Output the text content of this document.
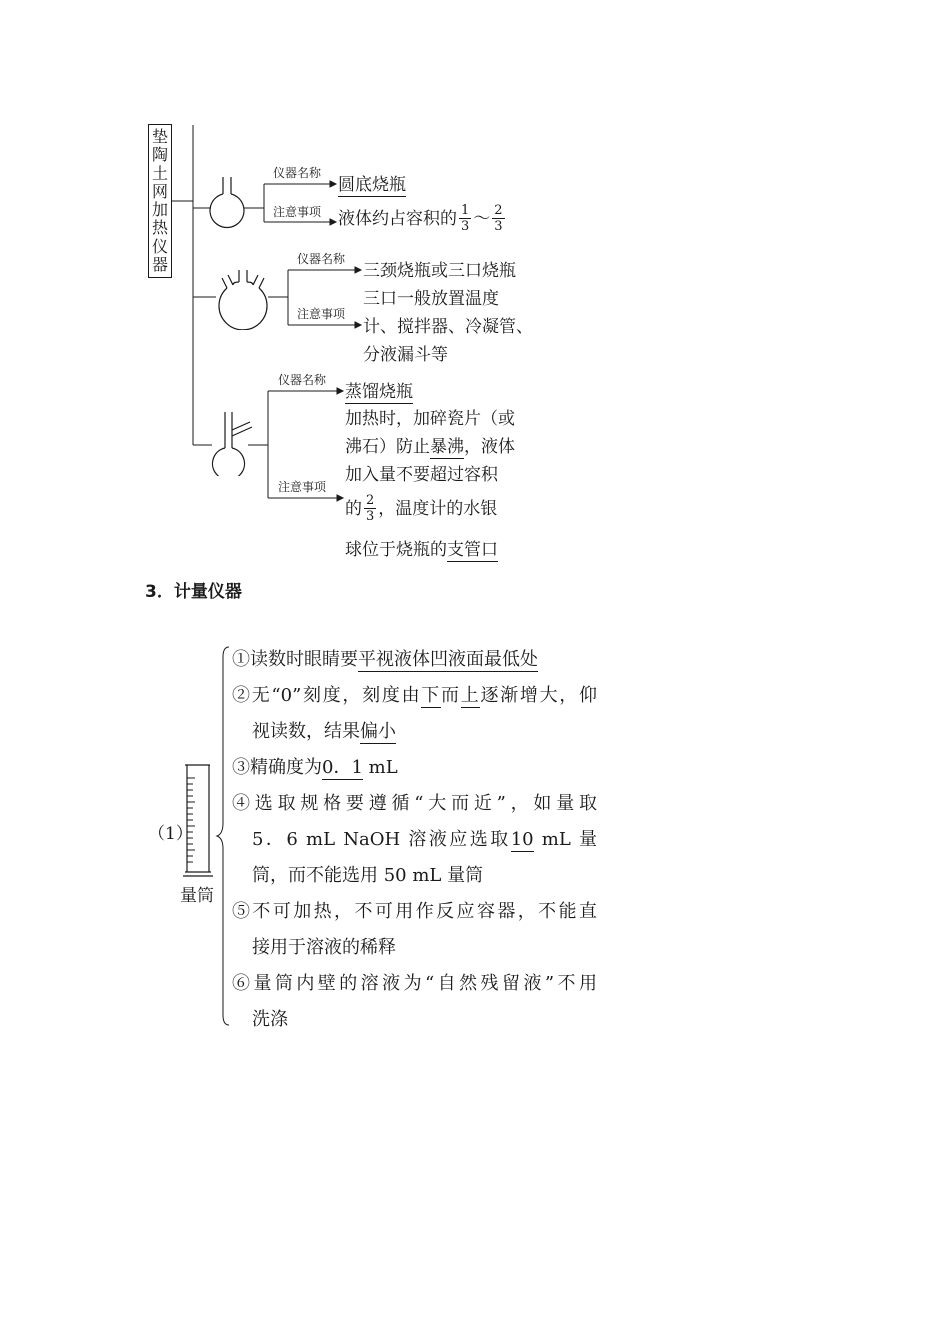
垫
陶
土
网
加
热
仪
器
仪器名称
圆底烧瓶
注意事项 液体约占容积的 $\frac{1}{3}$ ～ $\frac{2}{3}$
仪器名称
三颈烧瓶或三口烧瓶
注意事项
三口一般放置温度
计、搅拌器、冷凝管、
分液漏斗等
仪器名称
蒸馏烧瓶
注意事项
加热时，加碎瓷片（或
沸石）防止暴沸，液体
加入量不要超过容积
的 $\frac{2}{3}$ ，温度计的水银
球位于烧瓶的支管口
3．计量仪器
（1）
量筒
①读数时眼睛要平视液体凹液面最低处
②无“0”刻度，刻度由下而上逐渐增大，仰
视读数，结果偏小
③精确度为0．1 mL
④选取规格要遵循“大而近”，如量取
5．6 mL NaOH 溶液应选取10 mL 量
筒，而不能选用 50 mL 量筒
⑤不可加热，不可用作反应容器，不能直
接用于溶液的稀释
⑥量筒内壁的溶液为“自然残留液”不用
洗涤
